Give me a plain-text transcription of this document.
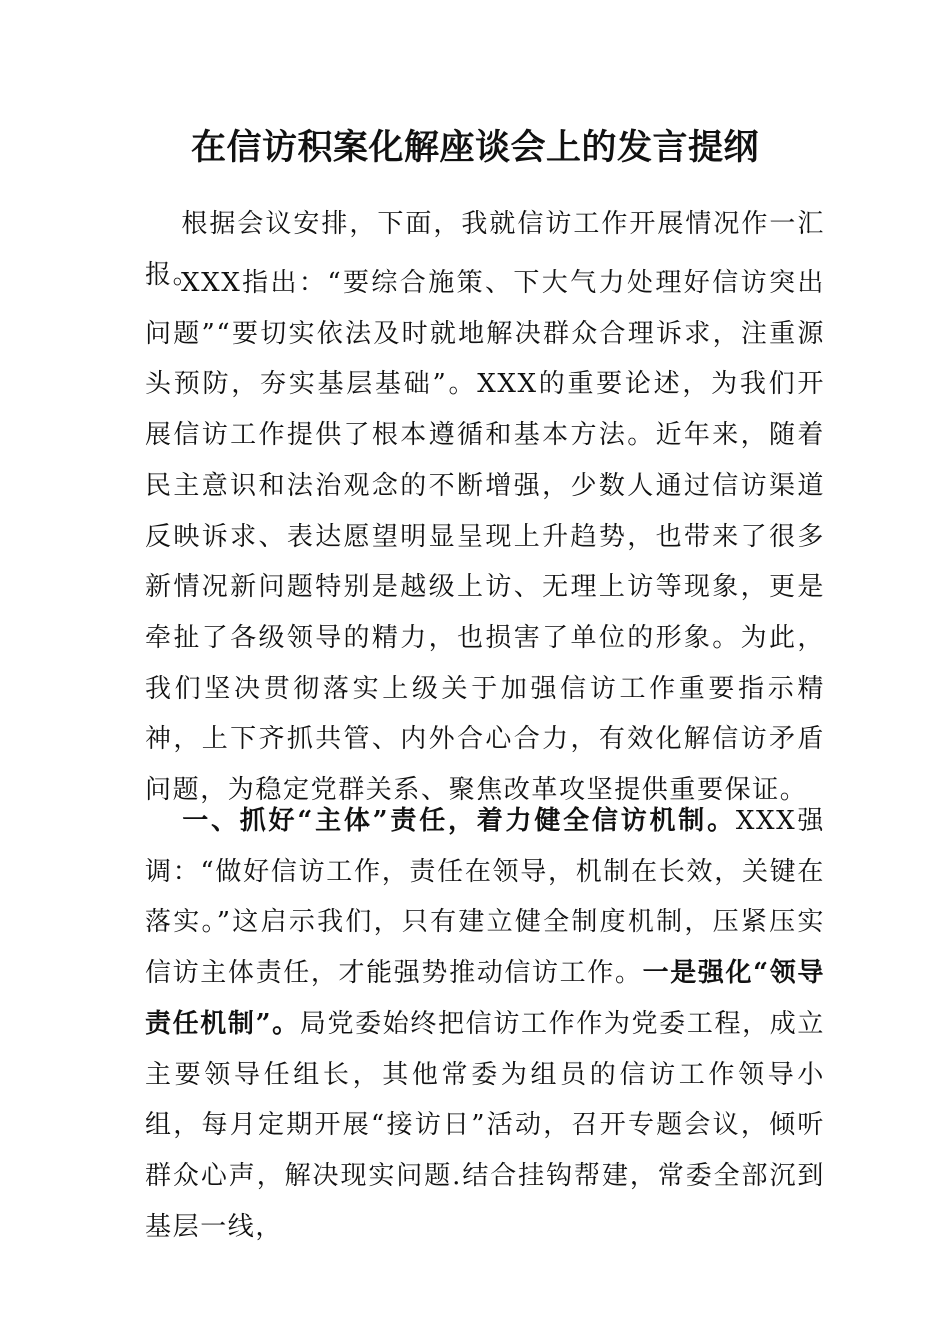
在信访积案化解座谈会上的发言提纲

根据会议安排，下面，我就信访工作开展情况作一汇报。

XXX指出：“要综合施策、下大气力处理好信访突出问题”“要切实依法及时就地解决群众合理诉求，注重源头预防，夯实基层基础”。XXX的重要论述，为我们开展信访工作提供了根本遵循和基本方法。近年来，随着民主意识和法治观念的不断增强，少数人通过信访渠道反映诉求、表达愿望明显呈现上升趋势，也带来了很多新情况新问题特别是越级上访、无理上访等现象，更是牵扯了各级领导的精力，也损害了单位的形象。为此，我们坚决贯彻落实上级关于加强信访工作重要指示精神，上下齐抓共管、内外合心合力，有效化解信访矛盾问题，为稳定党群关系、聚焦改革攻坚提供重要保证。

一、抓好“主体”责任，着力健全信访机制。XXX强调：“做好信访工作，责任在领导，机制在长效，关键在落实。”这启示我们，只有建立健全制度机制，压紧压实信访主体责任，才能强势推动信访工作。一是强化“领导责任机制”。局党委始终把信访工作作为党委工程，成立主要领导任组长，其他常委为组员的信访工作领导小组，每月定期开展“接访日”活动，召开专题会议，倾听群众心声，解决现实问题.结合挂钩帮建，常委全部沉到基层一线，
